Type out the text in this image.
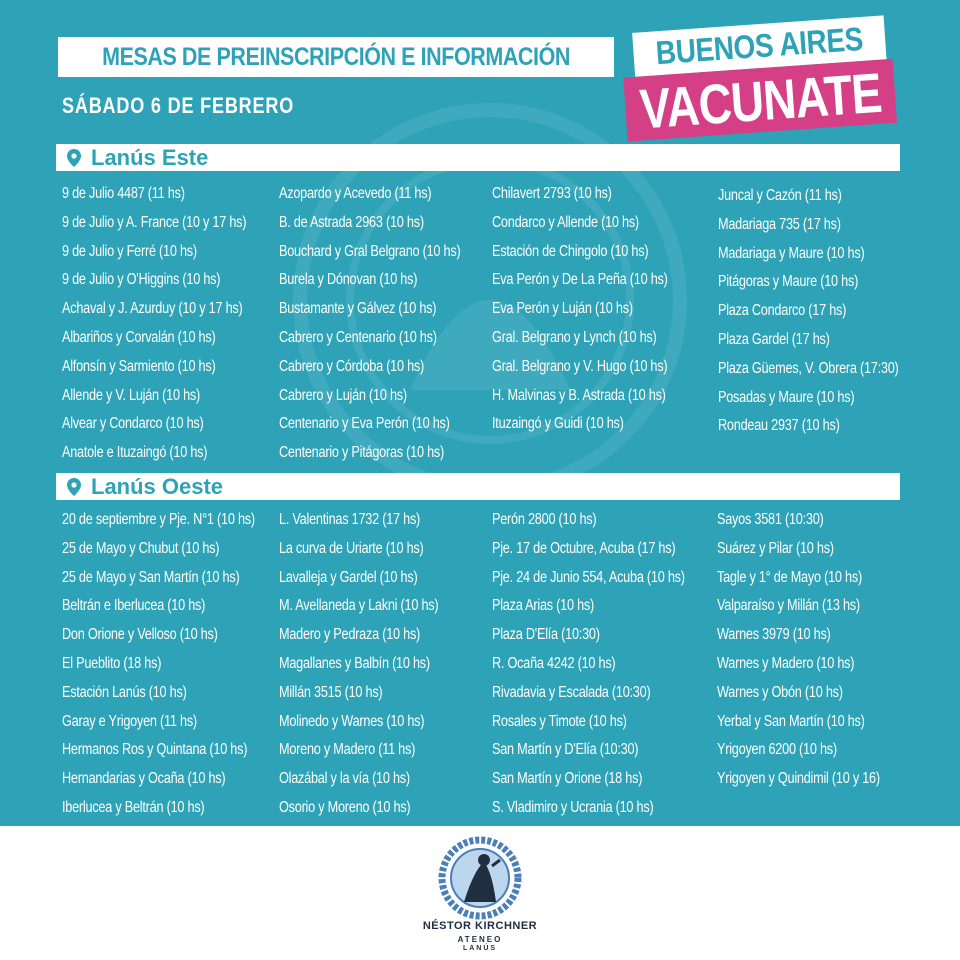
MESAS DE PREINSCRIPCIÓN E INFORMACIÓN
SÁBADO 6 DE FEBRERO
BUENOS AIRES
VACUNATE
Lanús Este
9 de Julio 4487 (11 hs)
9 de Julio y A. France (10 y 17 hs)
9 de Julio y Ferré (10 hs)
9 de Julio y O'Higgins (10 hs)
Achaval y J. Azurduy (10 y 17 hs)
Albariños y Corvalán (10 hs)
Alfonsín y Sarmiento (10 hs)
Allende y V. Luján (10 hs)
Alvear y Condarco (10 hs)
Anatole e Ituzaingó (10 hs)
Azopardo y Acevedo (11 hs)
B. de Astrada 2963 (10 hs)
Bouchard y Gral Belgrano (10 hs)
Burela y Dónovan (10 hs)
Bustamante y Gálvez (10 hs)
Cabrero y Centenario (10 hs)
Cabrero y Córdoba (10 hs)
Cabrero y Luján (10 hs)
Centenario y Eva Perón (10 hs)
Centenario y Pitágoras (10 hs)
Chilavert 2793 (10 hs)
Condarco y Allende (10 hs)
Estación de Chingolo (10 hs)
Eva Perón y De La Peña (10 hs)
Eva Perón y Luján (10 hs)
Gral. Belgrano y Lynch (10 hs)
Gral. Belgrano y V. Hugo (10 hs)
H. Malvinas y B. Astrada (10 hs)
Ituzaingó y Guidi (10 hs)
Juncal y Cazón (11 hs)
Madariaga 735 (17 hs)
Madariaga y Maure (10 hs)
Pitágoras y Maure (10 hs)
Plaza Condarco (17 hs)
Plaza Gardel (17 hs)
Plaza Güemes, V. Obrera (17:30)
Posadas y Maure (10 hs)
Rondeau 2937 (10 hs)
Lanús Oeste
20 de septiembre y Pje. N°1 (10 hs)
25 de Mayo y Chubut (10 hs)
25 de Mayo y San Martín (10 hs)
Beltrán e Iberlucea (10 hs)
Don Orione y Velloso (10 hs)
El Pueblito (18 hs)
Estación Lanús (10 hs)
Garay e Yrigoyen (11 hs)
Hermanos Ros y Quintana (10 hs)
Hernandarias y Ocaña (10 hs)
Iberlucea y Beltrán (10 hs)
L. Valentinas 1732 (17 hs)
La curva de Uriarte (10 hs)
Lavalleja y Gardel (10 hs)
M. Avellaneda y Lakni (10 hs)
Madero y Pedraza (10 hs)
Magallanes y Balbín (10 hs)
Millán 3515 (10 hs)
Molinedo y Warnes (10 hs)
Moreno y Madero (11 hs)
Olazábal y la vía (10 hs)
Osorio y Moreno (10 hs)
Perón 2800 (10 hs)
Pje. 17 de Octubre, Acuba (17 hs)
Pje. 24 de Junio 554, Acuba (10 hs)
Plaza Arias (10 hs)
Plaza D'Elía (10:30)
R. Ocaña 4242 (10 hs)
Rivadavia y Escalada (10:30)
Rosales y Timote (10 hs)
San Martín y D'Elía (10:30)
San Martín y Orione (18 hs)
S. Vladimiro y Ucrania (10 hs)
Sayos 3581 (10:30)
Suárez y Pilar (10 hs)
Tagle y 1° de Mayo (10 hs)
Valparaíso y Millán (13 hs)
Warnes 3979 (10 hs)
Warnes y Madero (10 hs)
Warnes y Obón (10 hs)
Yerbal y San Martín (10 hs)
Yrigoyen 6200 (10 hs)
Yrigoyen y Quindimil (10 y 16)
NÉSTOR KIRCHNER
ATENEO
LANÚS
